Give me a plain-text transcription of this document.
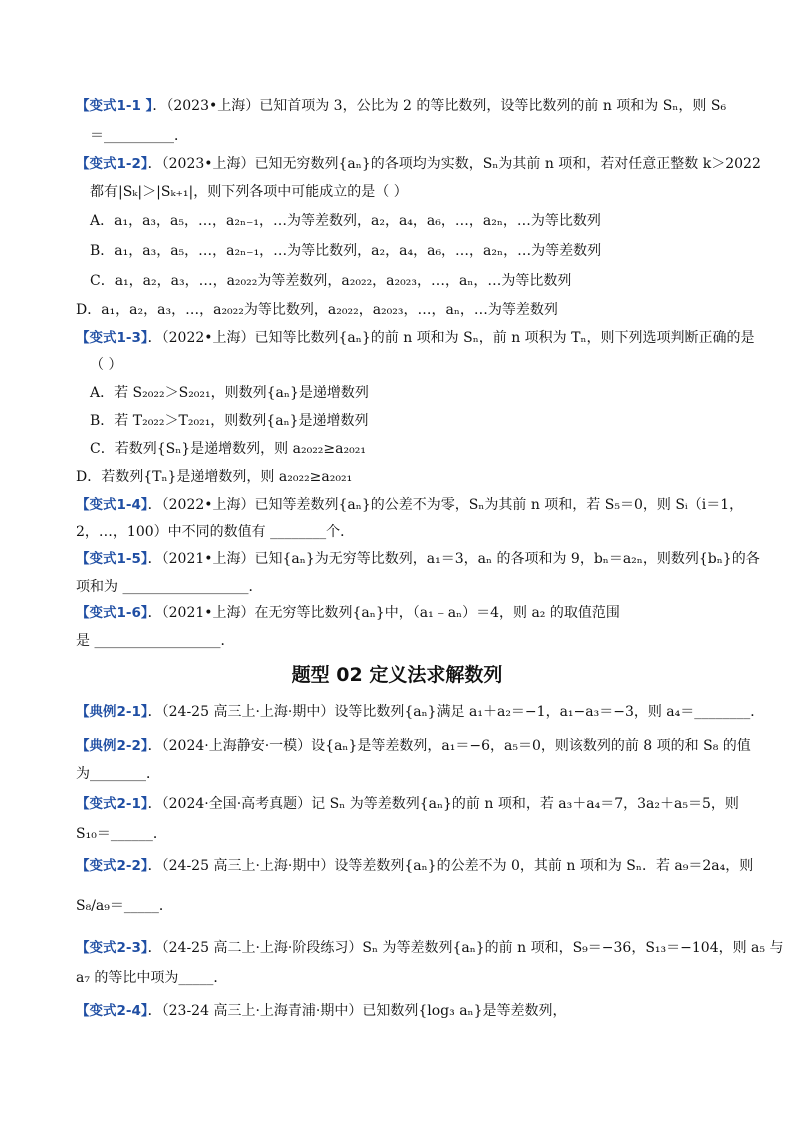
【变式1-1 】．（2023•上海）已知首项为 3，公比为 2 的等比数列，设等比数列的前 n 项和为 Sₙ，则 S₆
＝__________．
【变式1-2】．（2023•上海）已知无穷数列{aₙ}的各项均为实数，Sₙ为其前 n 项和，若对任意正整数 k＞2022
都有|Sₖ|＞|Sₖ₊₁|，则下列各项中可能成立的是（ ）
A．a₁，a₃，a₅，…，a₂ₙ₋₁，…为等差数列，a₂，a₄，a₆，…，a₂ₙ，…为等比数列
B．a₁，a₃，a₅，…，a₂ₙ₋₁，…为等比数列，a₂，a₄，a₆，…，a₂ₙ，…为等差数列
C．a₁，a₂，a₃，…，a₂₀₂₂为等差数列，a₂₀₂₂，a₂₀₂₃，…，aₙ，…为等比数列
D．a₁，a₂，a₃，…，a₂₀₂₂为等比数列，a₂₀₂₂，a₂₀₂₃，…，aₙ，…为等差数列
【变式1-3】．（2022•上海）已知等比数列{aₙ}的前 n 项和为 Sₙ，前 n 项积为 Tₙ，则下列选项判断正确的是
（ ）
A．若 S₂₀₂₂＞S₂₀₂₁，则数列{aₙ}是递增数列
B．若 T₂₀₂₂＞T₂₀₂₁，则数列{aₙ}是递增数列
C．若数列{Sₙ}是递增数列，则 a₂₀₂₂≥a₂₀₂₁
D．若数列{Tₙ}是递增数列，则 a₂₀₂₂≥a₂₀₂₁
【变式1-4】．（2022•上海）已知等差数列{aₙ}的公差不为零，Sₙ为其前 n 项和，若 S₅＝0，则 Sᵢ（i＝1，
2，…，100）中不同的数值有 ________个．
【变式1-5】．（2021•上海）已知{aₙ}为无穷等比数列，a₁＝3，aₙ 的各项和为 9，bₙ＝a₂ₙ，则数列{bₙ}的各
项和为 __________________．
【变式1-6】．（2021•上海）在无穷等比数列{aₙ}中，（a₁﹣aₙ）＝4，则 a₂ 的取值范围
是 __________________．
题型 02 定义法求解数列
【典例2-1】．（24-25 高三上·上海·期中）设等比数列{aₙ}满足 a₁＋a₂＝−1，a₁−a₃＝−3，则 a₄＝________．
【典例2-2】．（2024·上海静安·一模）设{aₙ}是等差数列，a₁＝−6，a₅＝0，则该数列的前 8 项的和 S₈ 的值
为________．
【变式2-1】．（2024·全国·高考真题）记 Sₙ 为等差数列{aₙ}的前 n 项和，若 a₃＋a₄＝7，3a₂＋a₅＝5，则
S₁₀＝______．
【变式2-2】．（24-25 高三上·上海·期中）设等差数列{aₙ}的公差不为 0，其前 n 项和为 Sₙ．若 a₉＝2a₄，则
S₈/a₉＝_____．
【变式2-3】．（24-25 高二上·上海·阶段练习）Sₙ 为等差数列{aₙ}的前 n 项和，S₉＝−36，S₁₃＝−104，则 a₅ 与
a₇ 的等比中项为_____．
【变式2-4】．（23-24 高三上·上海青浦·期中）已知数列{log₃ aₙ}是等差数列，
